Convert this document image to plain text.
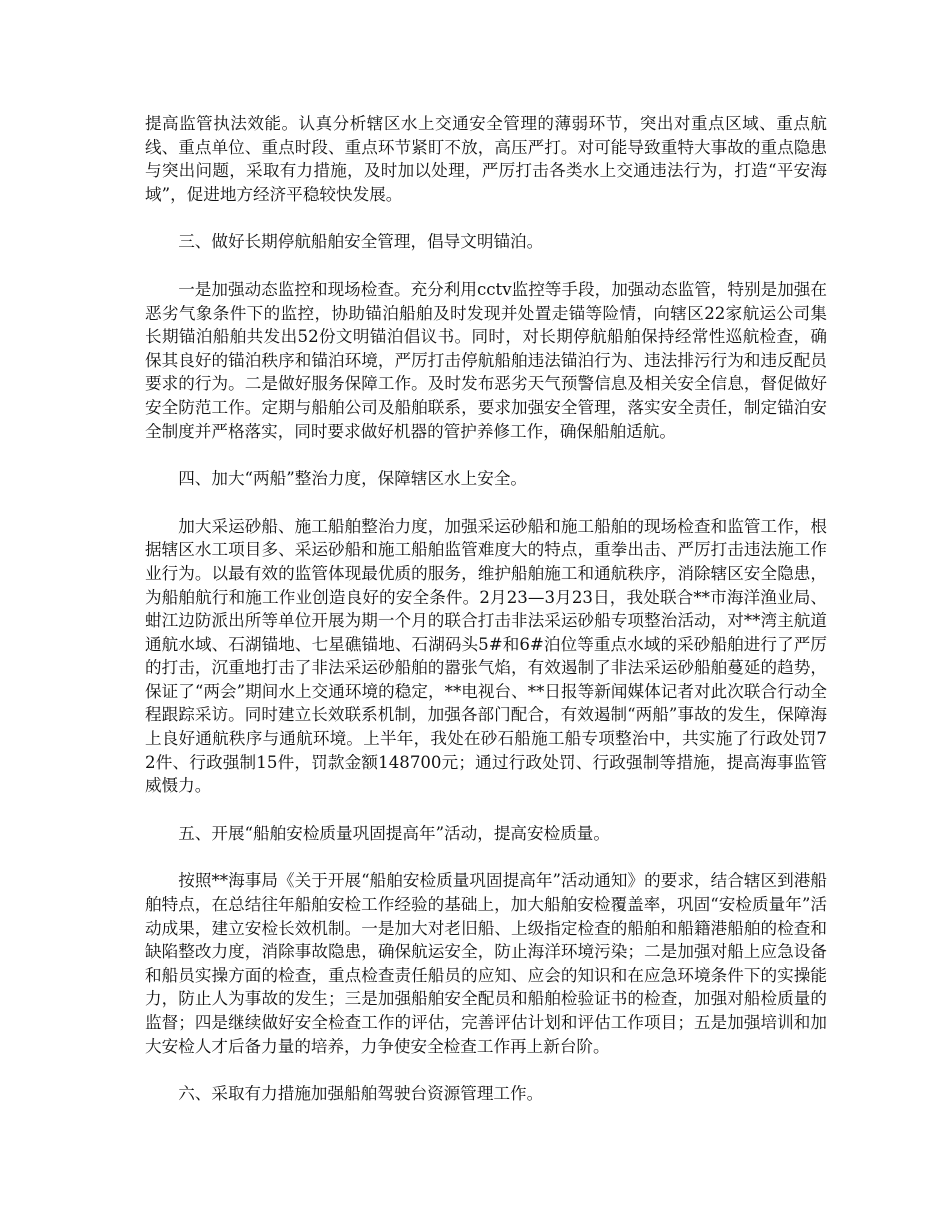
提高监管执法效能。认真分析辖区水上交通安全管理的薄弱环节，突出对重点区域、重点航线、重点单位、重点时段、重点环节紧盯不放，高压严打。对可能导致重特大事故的重点隐患与突出问题，采取有力措施，及时加以处理，严厉打击各类水上交通违法行为，打造“平安海域”，促进地方经济平稳较快发展。

三、做好长期停航船舶安全管理，倡导文明锚泊。

一是加强动态监控和现场检查。充分利用cctv监控等手段，加强动态监管，特别是加强在恶劣气象条件下的监控，协助锚泊船舶及时发现并处置走锚等险情，向辖区22家航运公司集长期锚泊船舶共发出52份文明锚泊倡议书。同时，对长期停航船舶保持经常性巡航检查，确保其良好的锚泊秩序和锚泊环境，严厉打击停航船舶违法锚泊行为、违法排污行为和违反配员要求的行为。二是做好服务保障工作。及时发布恶劣天气预警信息及相关安全信息，督促做好安全防范工作。定期与船舶公司及船舶联系，要求加强安全管理，落实安全责任，制定锚泊安全制度并严格落实，同时要求做好机器的管护养修工作，确保船舶适航。

四、加大“两船”整治力度，保障辖区水上安全。

加大采运砂船、施工船舶整治力度，加强采运砂船和施工船舶的现场检查和监管工作，根据辖区水工项目多、采运砂船和施工船舶监管难度大的特点，重拳出击、严厉打击违法施工作业行为。以最有效的监管体现最优质的服务，维护船舶施工和通航秩序，消除辖区安全隐患，为船舶航行和施工作业创造良好的安全条件。2月23—3月23日，我处联合**市海洋渔业局、蚶江边防派出所等单位开展为期一个月的联合打击非法采运砂船专项整治活动，对**湾主航道通航水域、石湖锚地、七星礁锚地、石湖码头5#和6#泊位等重点水域的采砂船舶进行了严厉的打击，沉重地打击了非法采运砂船舶的嚣张气焰，有效遏制了非法采运砂船舶蔓延的趋势，保证了“两会”期间水上交通环境的稳定，**电视台、**日报等新闻媒体记者对此次联合行动全程跟踪采访。同时建立长效联系机制，加强各部门配合，有效遏制“两船”事故的发生，保障海上良好通航秩序与通航环境。上半年，我处在砂石船施工船专项整治中，共实施了行政处罚72件、行政强制15件，罚款金额148700元；通过行政处罚、行政强制等措施，提高海事监管威慑力。

五、开展“船舶安检质量巩固提高年”活动，提高安检质量。

按照**海事局《关于开展“船舶安检质量巩固提高年”活动通知》的要求，结合辖区到港船舶特点，在总结往年船舶安检工作经验的基础上，加大船舶安检覆盖率，巩固“安检质量年”活动成果，建立安检长效机制。一是加大对老旧船、上级指定检查的船舶和船籍港船舶的检查和缺陷整改力度，消除事故隐患，确保航运安全，防止海洋环境污染；二是加强对船上应急设备和船员实操方面的检查，重点检查责任船员的应知、应会的知识和在应急环境条件下的实操能力，防止人为事故的发生；三是加强船舶安全配员和船舶检验证书的检查，加强对船检质量的监督；四是继续做好安全检查工作的评估，完善评估计划和评估工作项目；五是加强培训和加大安检人才后备力量的培养，力争使安全检查工作再上新台阶。

六、采取有力措施加强船舶驾驶台资源管理工作。
